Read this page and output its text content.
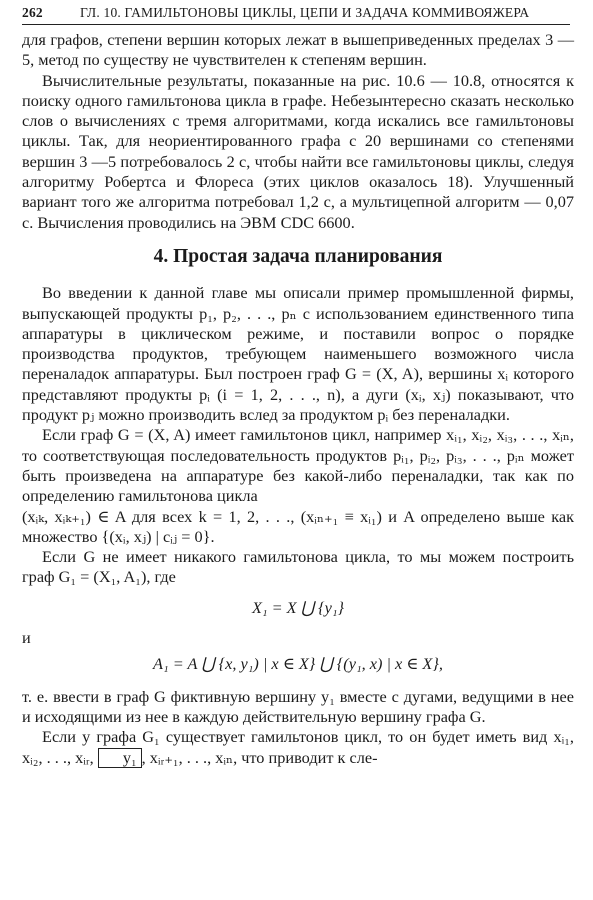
262	ГЛ. 10. ГАМИЛЬТОНОВЫ ЦИКЛЫ, ЦЕПИ И ЗАДАЧА КОММИВОЯЖЕРА
для графов, степени вершин которых лежат в вышеприведенных пределах 3 — 5, метод по существу не чувствителен к степеням вершин.
Вычислительные результаты, показанные на рис. 10.6 — 10.8, относятся к поиску одного гамильтонова цикла в графе. Небезынтересно сказать несколько слов о вычислениях с тремя алгоритмами, когда искались все гамильтоновы циклы. Так, для неориентированного графа с 20 вершинами со степенями вершин 3 —5 потребовалось 2 с, чтобы найти все гамильтоновы циклы, следуя алгоритму Робертса и Флореса (этих циклов оказалось 18). Улучшенный вариант того же алгоритма потребовал 1,2 с, а мультицепной алгоритм — 0,07 с. Вычисления проводились на ЭВМ CDC 6600.
4. Простая задача планирования
Во введении к данной главе мы описали пример промышленной фирмы, выпускающей продукты p₁, p₂, . . ., pₙ с использованием единственного типа аппаратуры в циклическом режиме, и поставили вопрос о порядке производства продуктов, требующем наименьшего возможного числа переналадок аппаратуры. Был построен граф G = (X, A), вершины xᵢ которого представляют продукты pᵢ (i = 1, 2, . . ., n), а дуги (xᵢ, xⱼ) показывают, что продукт pⱼ можно производить вслед за продуктом pᵢ без переналадки.
Если граф G = (X, A) имеет гамильтонов цикл, например xᵢ₁, xᵢ₂, xᵢ₃, . . ., xᵢₙ, то соответствующая последовательность продуктов pᵢ₁, pᵢ₂, pᵢ₃, . . ., pᵢₙ может быть произведена на аппаратуре без какой-либо переналадки, так как по определению гамильтонова цикла
(xᵢₖ, xᵢₖ₊₁) ∈ A для всех k = 1, 2, . . ., (xᵢₙ₊₁ ≡ xᵢ₁) и A определено выше как множество {(xᵢ, xⱼ) | cᵢⱼ = 0}.
Если G не имеет никакого гамильтонова цикла, то мы можем построить граф G₁ = (X₁, A₁), где
X₁ = X ⋃ {y₁}
и
A₁ = A ⋃ {x, y₁) | x ∈ X} ⋃ {(y₁, x) | x ∈ X},
т. е. ввести в граф G фиктивную вершину y₁ вместе с дугами, ведущими в нее и исходящими из нее в каждую действительную вершину графа G.
Если у графа G₁ существует гамильтонов цикл, то он будет иметь вид xᵢ₁, xᵢ₂, . . ., xᵢᵣ, y₁ , xᵢᵣ₊₁, . . ., xᵢₙ, что приводит к сле-
